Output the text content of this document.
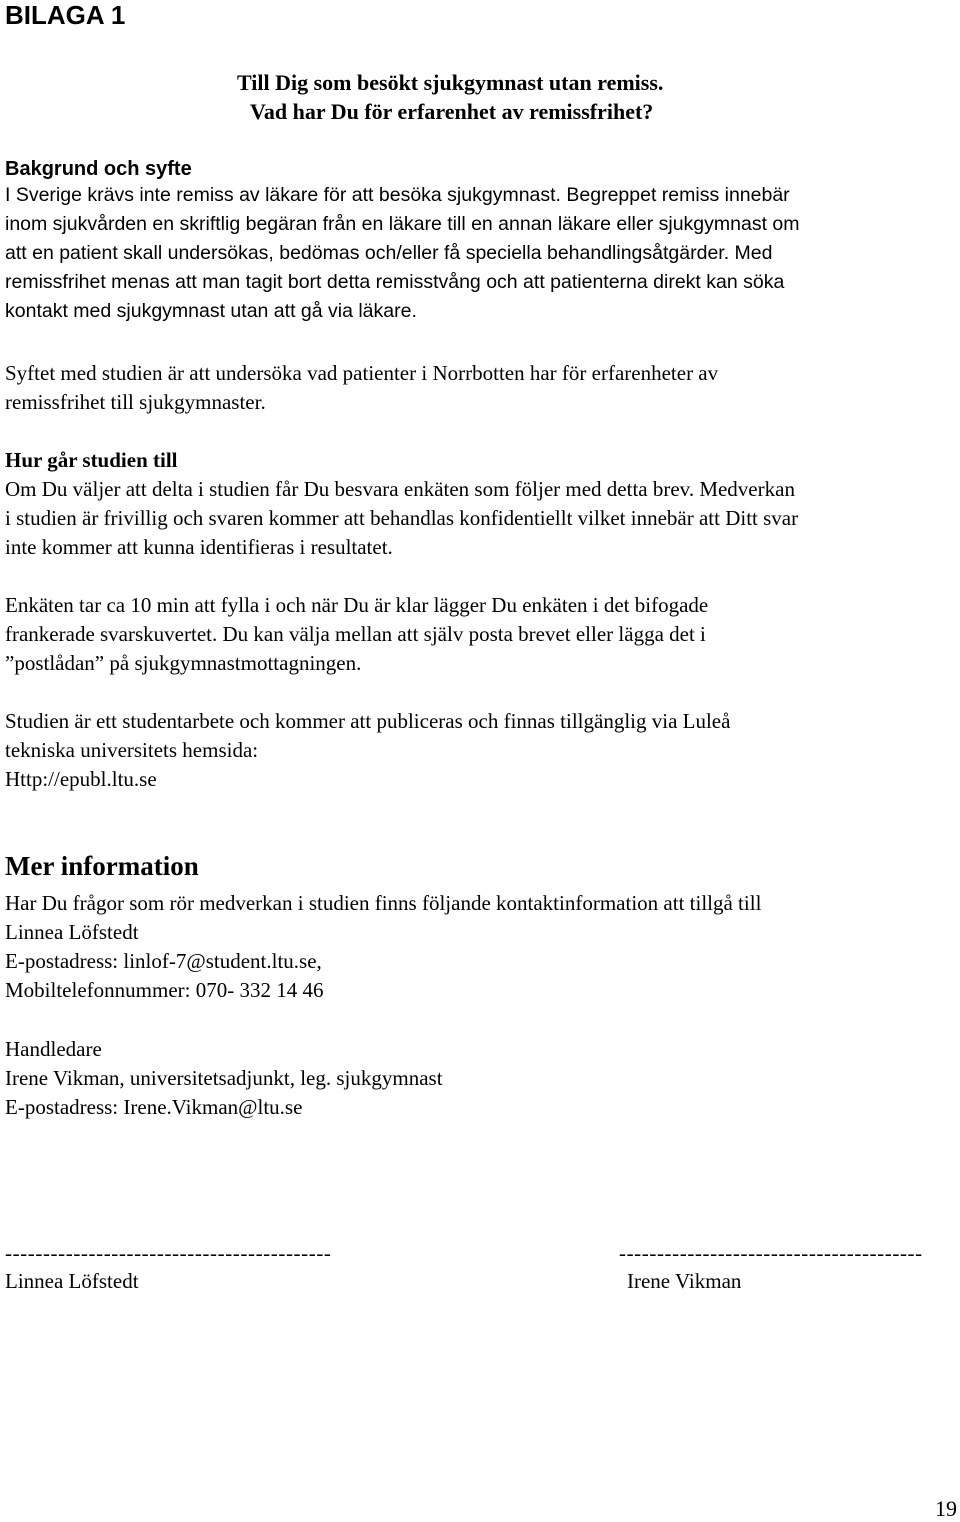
BILAGA 1
Till Dig som besökt sjukgymnast utan remiss.
Vad har Du för erfarenhet av remissfrihet?
Bakgrund och syfte
I Sverige krävs inte remiss av läkare för att besöka sjukgymnast. Begreppet remiss innebär
inom sjukvården en skriftlig begäran från en läkare till en annan läkare eller sjukgymnast om
att en patient skall undersökas, bedömas och/eller få speciella behandlingsåtgärder. Med
remissfrihet menas att man tagit bort detta remisstvång och att patienterna direkt kan söka
kontakt med sjukgymnast utan att gå via läkare.
Syftet med studien är att undersöka vad patienter i Norrbotten har för erfarenheter av
remissfrihet till sjukgymnaster.
Hur går studien till
Om Du väljer att delta i studien får Du besvara enkäten som följer med detta brev. Medverkan
i studien är frivillig och svaren kommer att behandlas konfidentiellt vilket innebär att Ditt svar
inte kommer att kunna identifieras i resultatet.
Enkäten tar ca 10 min att fylla i och när Du är klar lägger Du enkäten i det bifogade
frankerade svarskuvertet. Du kan välja mellan att själv posta brevet eller lägga det i
”postlådan” på sjukgymnastmottagningen.
Studien är ett studentarbete och kommer att publiceras och finnas tillgänglig via Luleå
tekniska universitets hemsida:
Http://epubl.ltu.se
Mer information
Har Du frågor som rör medverkan i studien finns följande kontaktinformation att tillgå till
Linnea Löfstedt
E-postadress: linlof-7@student.ltu.se,
Mobiltelefonnummer: 070- 332 14 46
Handledare
Irene Vikman, universitetsadjunkt, leg. sjukgymnast
E-postadress: Irene.Vikman@ltu.se
-------------------------------------------
Linnea Löfstedt
----------------------------------------
Irene Vikman
19
